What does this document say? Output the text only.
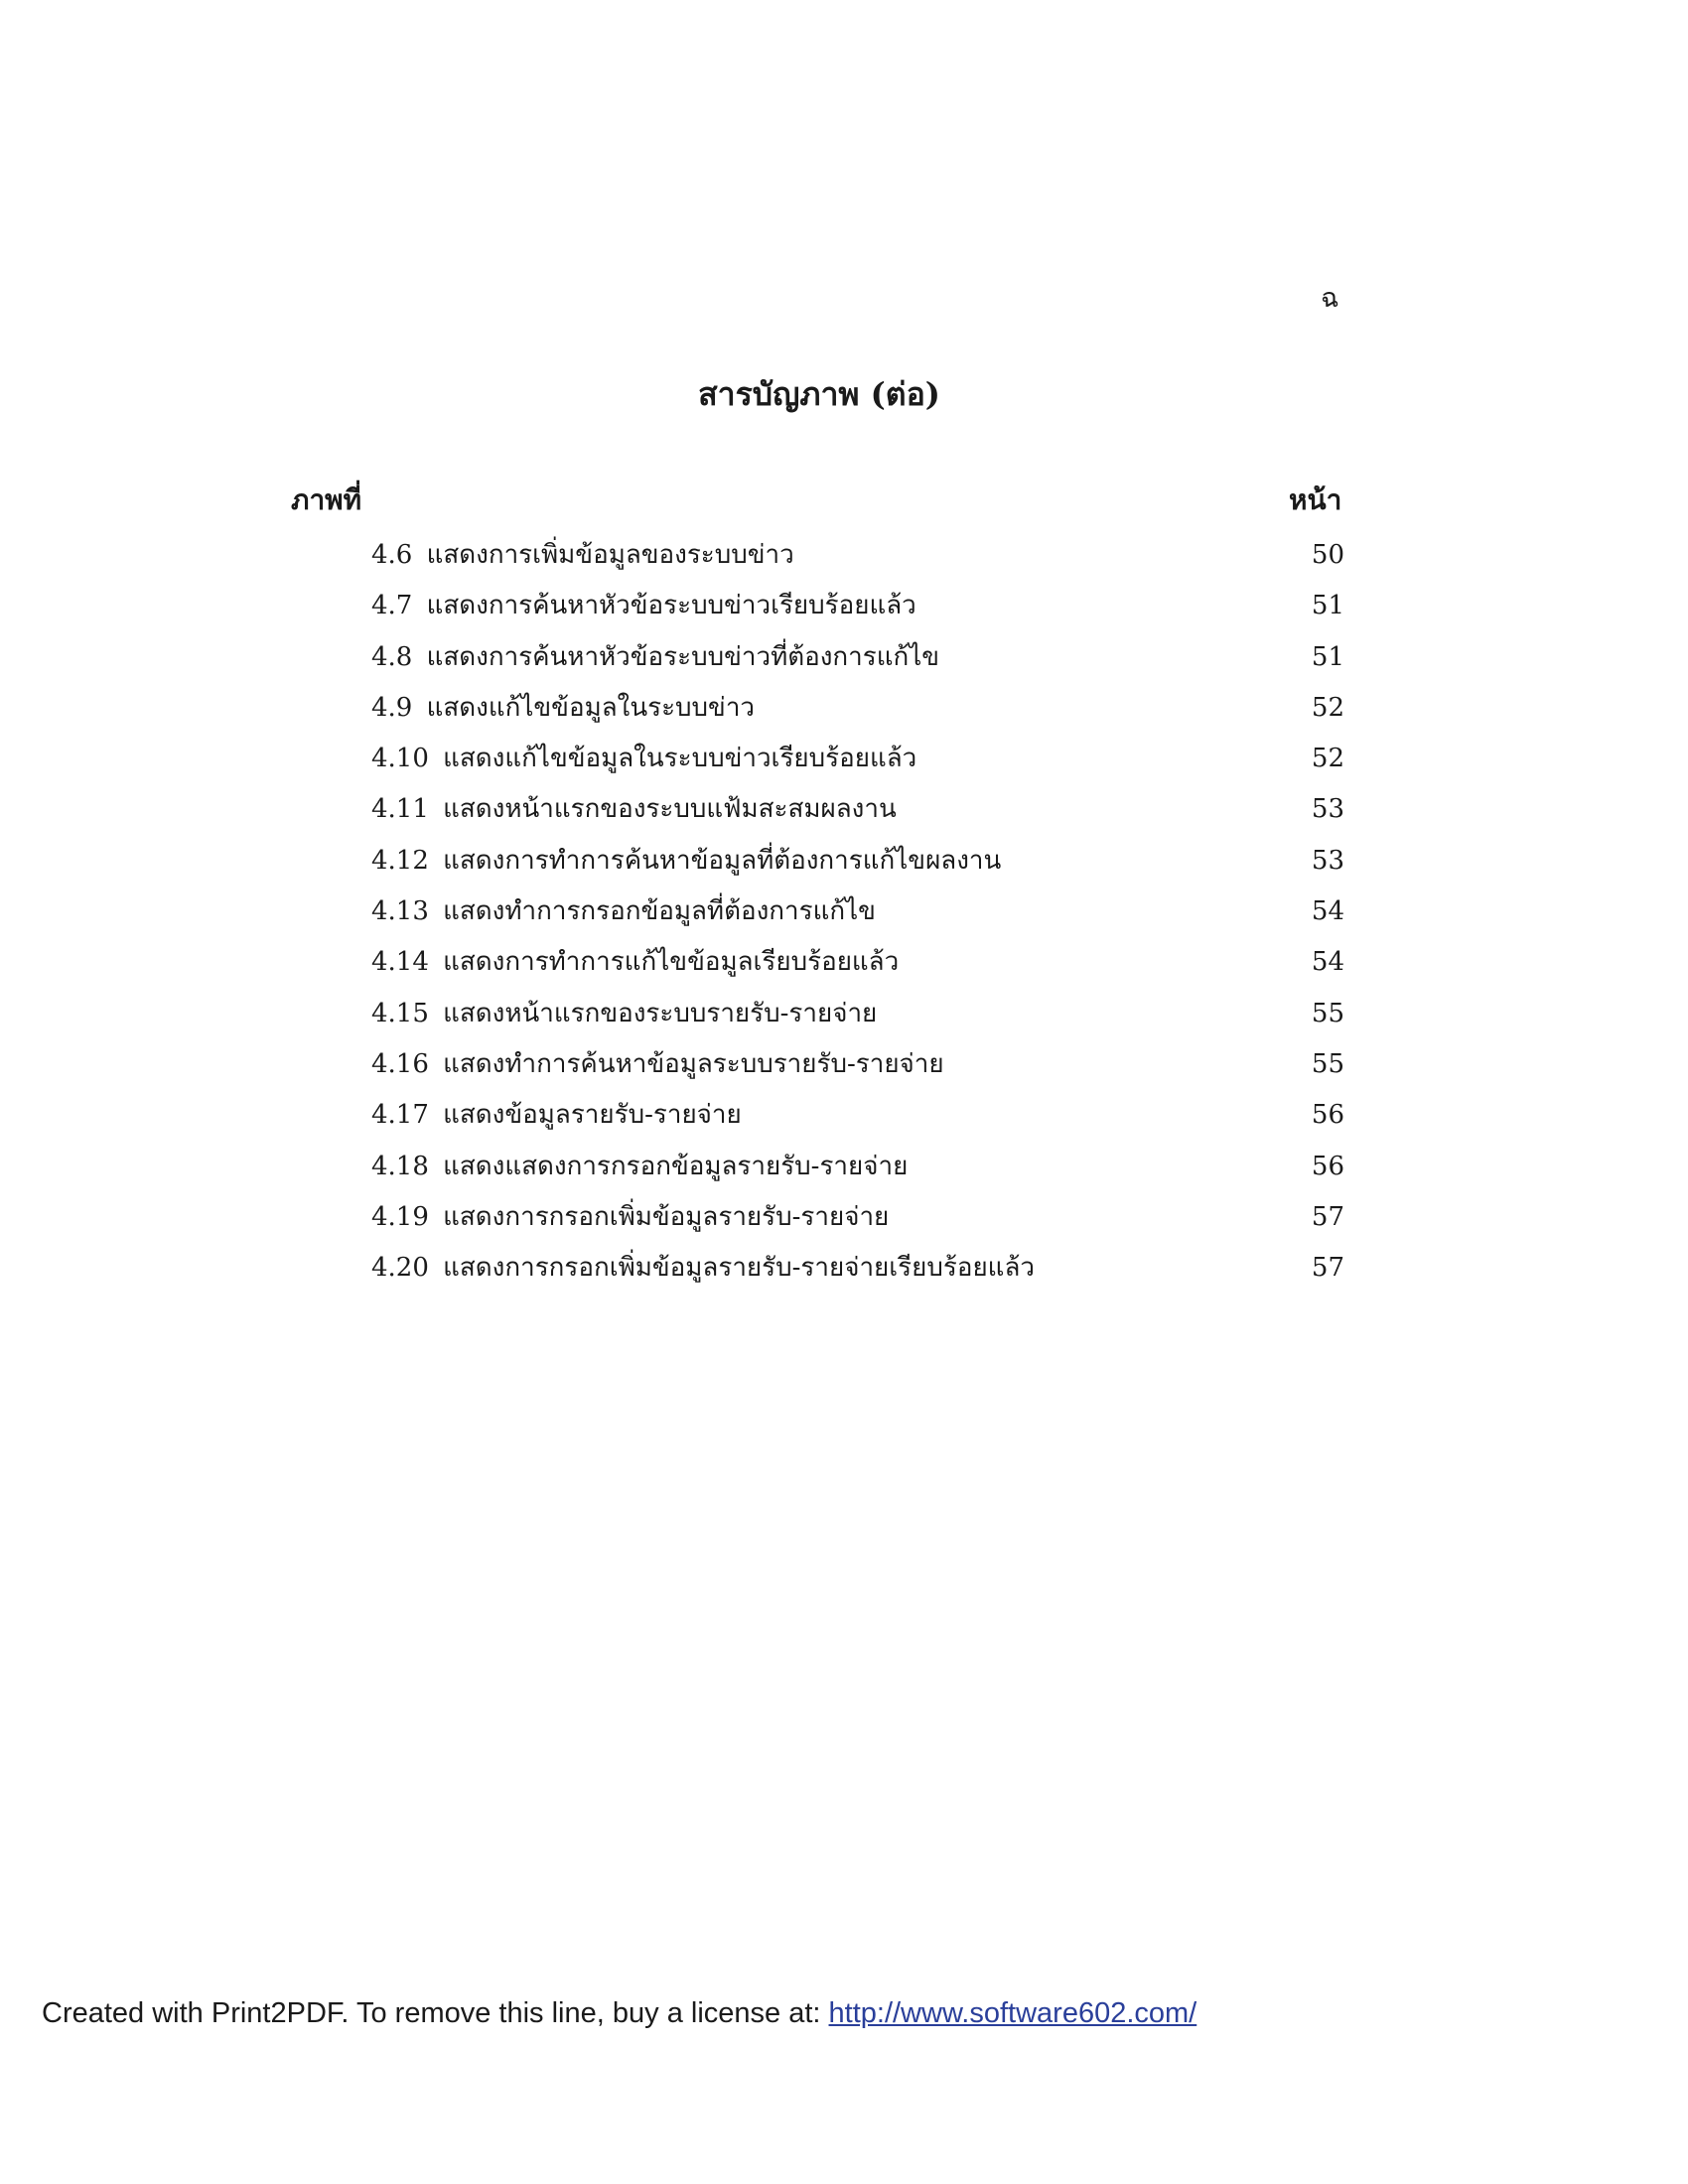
ฉ
สารบัญภาพ (ต่อ)
ภาพที่	หน้า
4.6 แสดงการเพิ่มข้อมูลของระบบข่าว	50
4.7 แสดงการค้นหาหัวข้อระบบข่าวเรียบร้อยแล้ว	51
4.8 แสดงการค้นหาหัวข้อระบบข่าวที่ต้องการแก้ไข	51
4.9 แสดงแก้ไขข้อมูลในระบบข่าว	52
4.10 แสดงแก้ไขข้อมูลในระบบข่าวเรียบร้อยแล้ว	52
4.11 แสดงหน้าแรกของระบบแฟ้มสะสมผลงาน	53
4.12 แสดงการทำการค้นหาข้อมูลที่ต้องการแก้ไขผลงาน	53
4.13 แสดงทำการกรอกข้อมูลที่ต้องการแก้ไข	54
4.14 แสดงการทำการแก้ไขข้อมูลเรียบร้อยแล้ว	54
4.15 แสดงหน้าแรกของระบบรายรับ-รายจ่าย	55
4.16 แสดงทำการค้นหาข้อมูลระบบรายรับ-รายจ่าย	55
4.17 แสดงข้อมูลรายรับ-รายจ่าย	56
4.18 แสดงแสดงการกรอกข้อมูลรายรับ-รายจ่าย	56
4.19 แสดงการกรอกเพิ่มข้อมูลรายรับ-รายจ่าย	57
4.20 แสดงการกรอกเพิ่มข้อมูลรายรับ-รายจ่ายเรียบร้อยแล้ว	57
Created with Print2PDF. To remove this line, buy a license at: http://www.software602.com/
